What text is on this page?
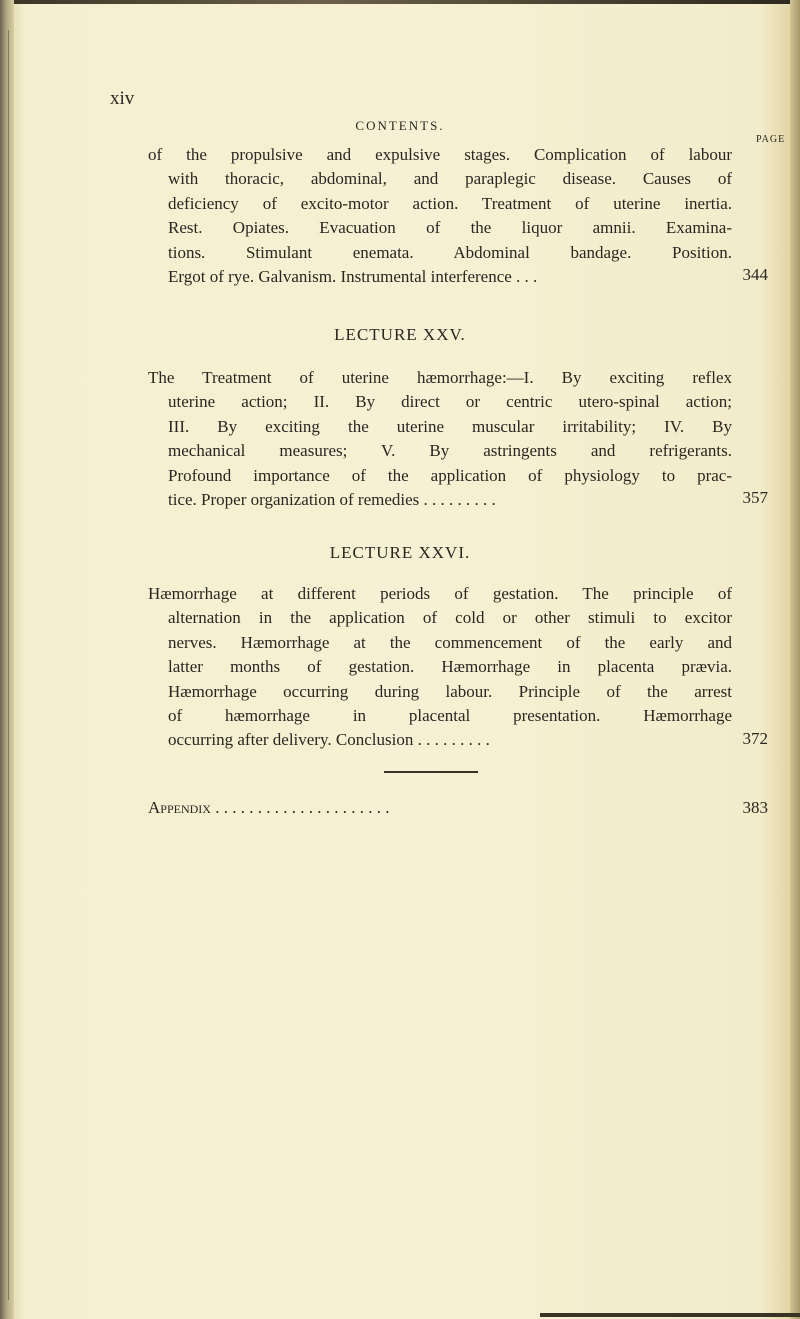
xiv
CONTENTS.
PAGE
of the propulsive and expulsive stages. Complication of labour
with thoracic, abdominal, and paraplegic disease. Causes of
deficiency of excito-motor action. Treatment of uterine inertia.
Rest. Opiates. Evacuation of the liquor amnii. Examina-
tions. Stimulant enemata. Abdominal bandage. Position.
Ergot of rye. Galvanism. Instrumental interference . . .	344
LECTURE XXV.
The Treatment of uterine hæmorrhage:—I. By exciting reflex
uterine action; II. By direct or centric utero-spinal action;
III. By exciting the uterine muscular irritability; IV. By
mechanical measures; V. By astringents and refrigerants.
Profound importance of the application of physiology to prac-
tice. Proper organization of remedies . . . . . . . . .	357
LECTURE XXVI.
Hæmorrhage at different periods of gestation. The principle of
alternation in the application of cold or other stimuli to excitor
nerves. Hæmorrhage at the commencement of the early and
latter months of gestation. Hæmorrhage in placenta prævia.
Hæmorrhage occurring during labour. Principle of the arrest
of hæmorrhage in placental presentation. Hæmorrhage
occurring after delivery. Conclusion . . . . . . . . .	372
Appendix . . . . . . . . . . . . . . . . . . . . .	383
